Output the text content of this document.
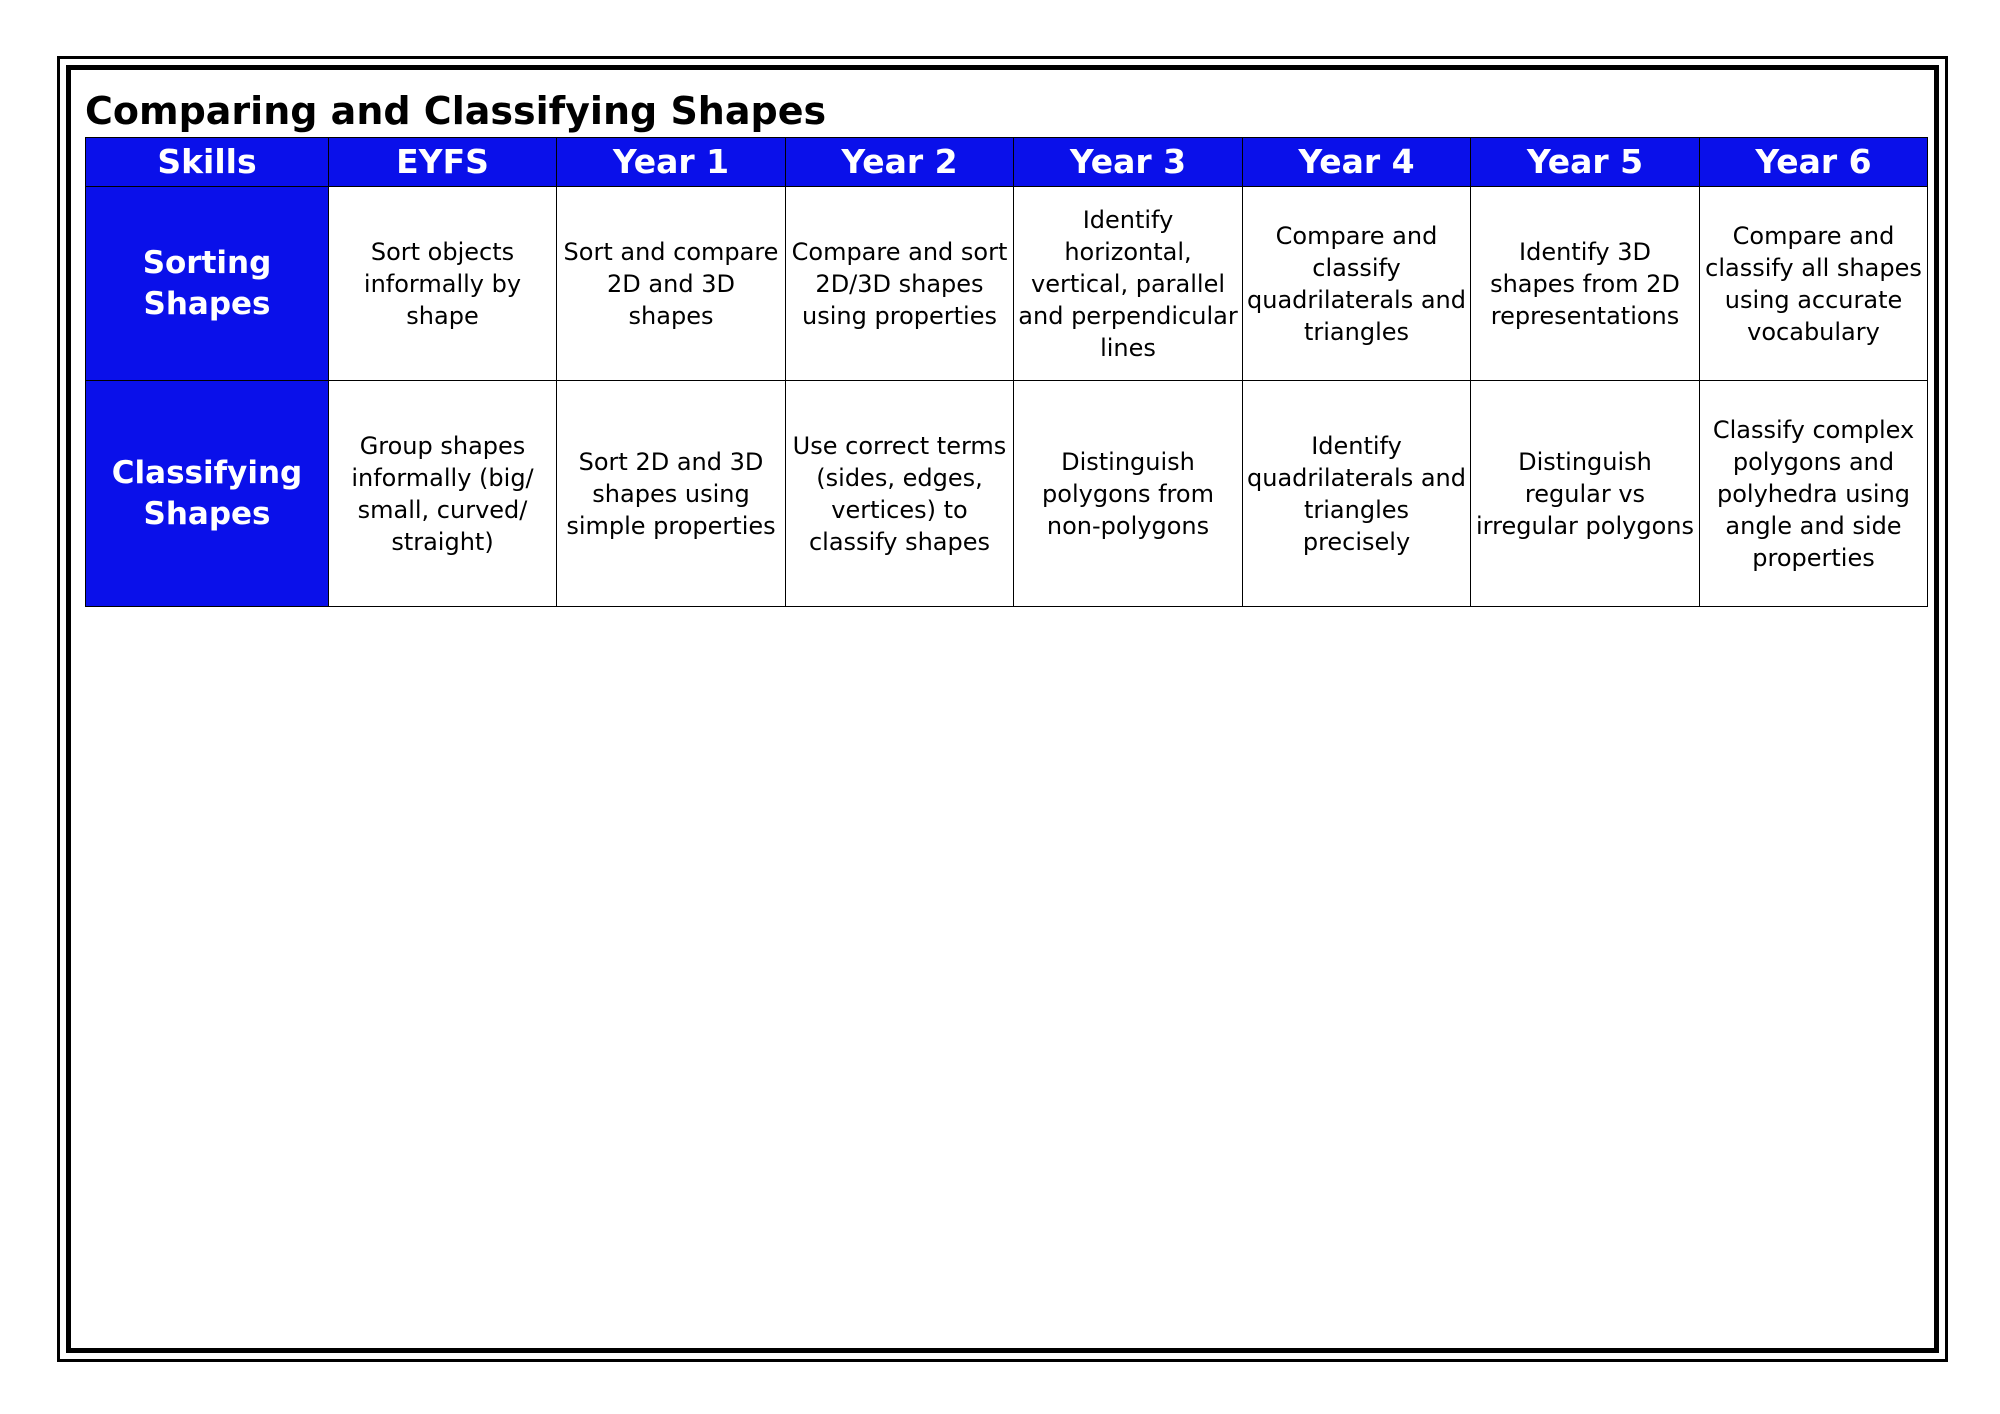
Comparing and Classifying Shapes
Skills	EYFS	Year 1	Year 2	Year 3	Year 4	Year 5	Year 6
Sorting Shapes	Sort objects informally by shape	Sort and compare 2D and 3D shapes	Compare and sort 2D/3D shapes using properties	Identify horizontal, vertical, parallel and perpendicular lines	Compare and classify quadrilaterals and triangles	Identify 3D shapes from 2D representations	Compare and classify all shapes using accurate vocabulary
Classifying Shapes	Group shapes informally (big/ small, curved/ straight)	Sort 2D and 3D shapes using simple properties	Use correct terms (sides, edges, vertices) to classify shapes	Distinguish polygons from non-polygons	Identify quadrilaterals and triangles precisely	Distinguish regular vs irregular polygons	Classify complex polygons and polyhedra using angle and side properties
